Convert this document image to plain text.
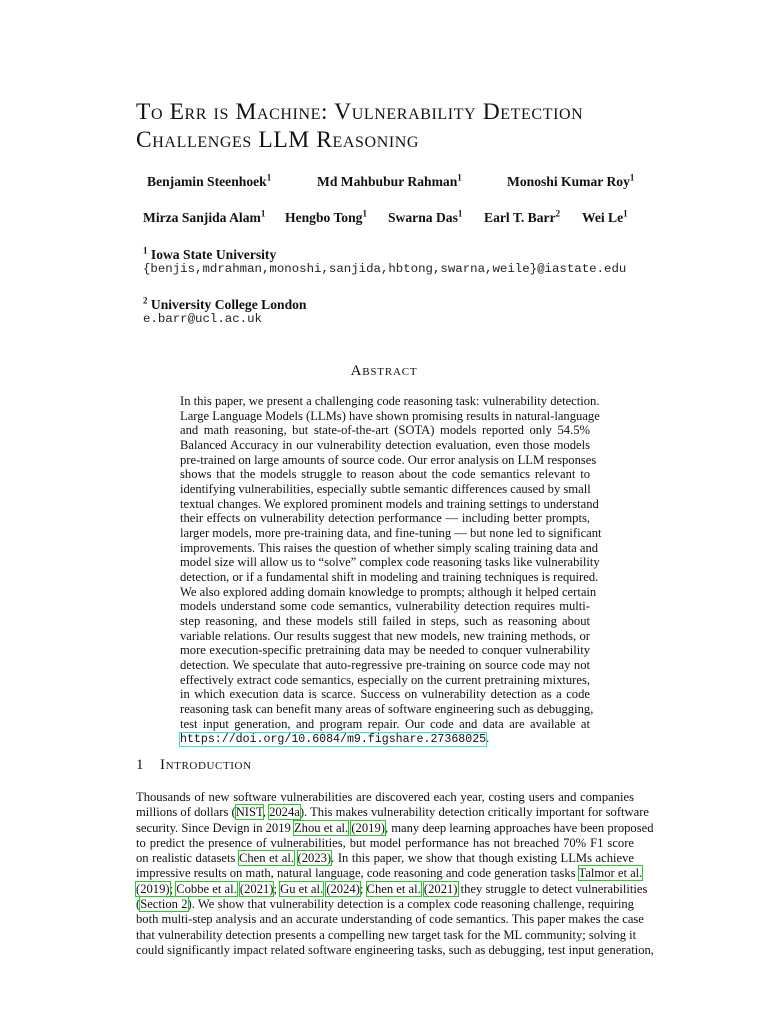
To Err is Machine: Vulnerability Detection
Challenges LLM Reasoning
Benjamin Steenhoek$^1$	Md Mahbubur Rahman$^1$	Monoshi Kumar Roy$^1$
Mirza Sanjida Alam$^1$ Hengbo Tong$^1$ Swarna Das$^1$ Earl T. Barr$^2$ Wei Le$^1$
$^1$ Iowa State University
{benjis,mdrahman,monoshi,sanjida,hbtong,swarna,weile}@iastate.edu
$^2$ University College London
e.barr@ucl.ac.uk
Abstract
In this paper, we present a challenging code reasoning task: vulnerability detection.
Large Language Models (LLMs) have shown promising results in natural-language
and math reasoning, but state-of-the-art (SOTA) models reported only 54.5%
Balanced Accuracy in our vulnerability detection evaluation, even those models
pre-trained on large amounts of source code. Our error analysis on LLM responses
shows that the models struggle to reason about the code semantics relevant to
identifying vulnerabilities, especially subtle semantic differences caused by small
textual changes. We explored prominent models and training settings to understand
their effects on vulnerability detection performance — including better prompts,
larger models, more pre-training data, and fine-tuning — but none led to significant
improvements. This raises the question of whether simply scaling training data and
model size will allow us to “solve” complex code reasoning tasks like vulnerability
detection, or if a fundamental shift in modeling and training techniques is required.
We also explored adding domain knowledge to prompts; although it helped certain
models understand some code semantics, vulnerability detection requires multi-
step reasoning, and these models still failed in steps, such as reasoning about
variable relations. Our results suggest that new models, new training methods, or
more execution-specific pretraining data may be needed to conquer vulnerability
detection. We speculate that auto-regressive pre-training on source code may not
effectively extract code semantics, especially on the current pretraining mixtures,
in which execution data is scarce. Success on vulnerability detection as a code
reasoning task can benefit many areas of software engineering such as debugging,
test input generation, and program repair. Our code and data are available at
https://doi.org/10.6084/m9.figshare.27368025.
1 Introduction
Thousands of new software vulnerabilities are discovered each year, costing users and companies
millions of dollars (NIST, 2024a). This makes vulnerability detection critically important for software
security. Since Devign in 2019 Zhou et al. (2019), many deep learning approaches have been proposed
to predict the presence of vulnerabilities, but model performance has not breached 70% F1 score
on realistic datasets Chen et al. (2023). In this paper, we show that though existing LLMs achieve
impressive results on math, natural language, code reasoning and code generation tasks Talmor et al.
(2019); Cobbe et al. (2021); Gu et al. (2024); Chen et al. (2021) they struggle to detect vulnerabilities
(Section 2). We show that vulnerability detection is a complex code reasoning challenge, requiring
both multi-step analysis and an accurate understanding of code semantics. This paper makes the case
that vulnerability detection presents a compelling new target task for the ML community; solving it
could significantly impact related software engineering tasks, such as debugging, test input generation,
